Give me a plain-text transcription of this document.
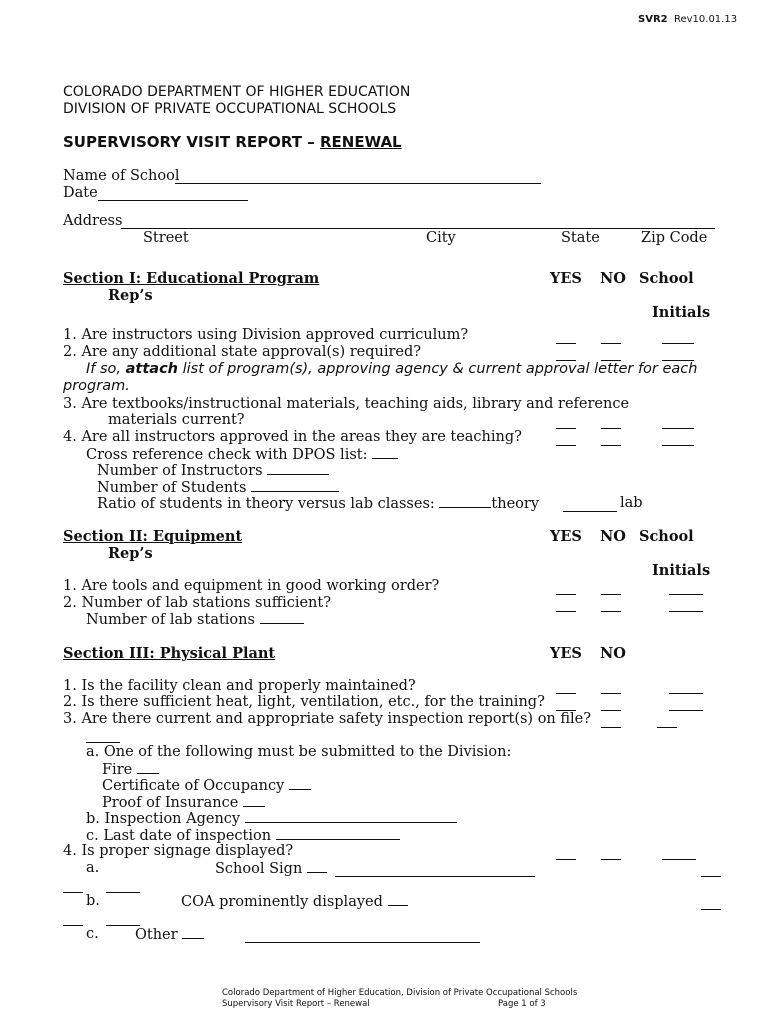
SVR2 Rev10.01.13
COLORADO DEPARTMENT OF HIGHER EDUCATION
DIVISION OF PRIVATE OCCUPATIONAL SCHOOLS
SUPERVISORY VISIT REPORT – RENEWAL
Name of School
Date
Address
Street	City	State	Zip Code
Section I: Educational Program	YES NO School
Rep’s
Initials
1. Are instructors using Division approved curriculum?
2. Are any additional state approval(s) required?
If so, attach list of program(s), approving agency & current approval letter for each
program.
3. Are textbooks/instructional materials, teaching aids, library and reference
materials current?
4. Are all instructors approved in the areas they are teaching?
Cross reference check with DPOS list:
Number of Instructors
Number of Students
Ratio of students in theory versus lab classes:	theory	lab
Section II: Equipment	YES NO School
Rep’s
Initials
1. Are tools and equipment in good working order?
2. Number of lab stations sufficient?
Number of lab stations
Section III: Physical Plant	YES NO
1. Is the facility clean and properly maintained?
2. Is there sufficient heat, light, ventilation, etc., for the training?
3. Are there current and appropriate safety inspection report(s) on file?
a. One of the following must be submitted to the Division:
Fire
Certificate of Occupancy
Proof of Insurance
b. Inspection Agency
c. Last date of inspection
4. Is proper signage displayed?
a.	School Sign
b.	COA prominently displayed
c.	Other
Colorado Department of Higher Education, Division of Private Occupational Schools
Supervisory Visit Report – Renewal	Page 1 of 3
